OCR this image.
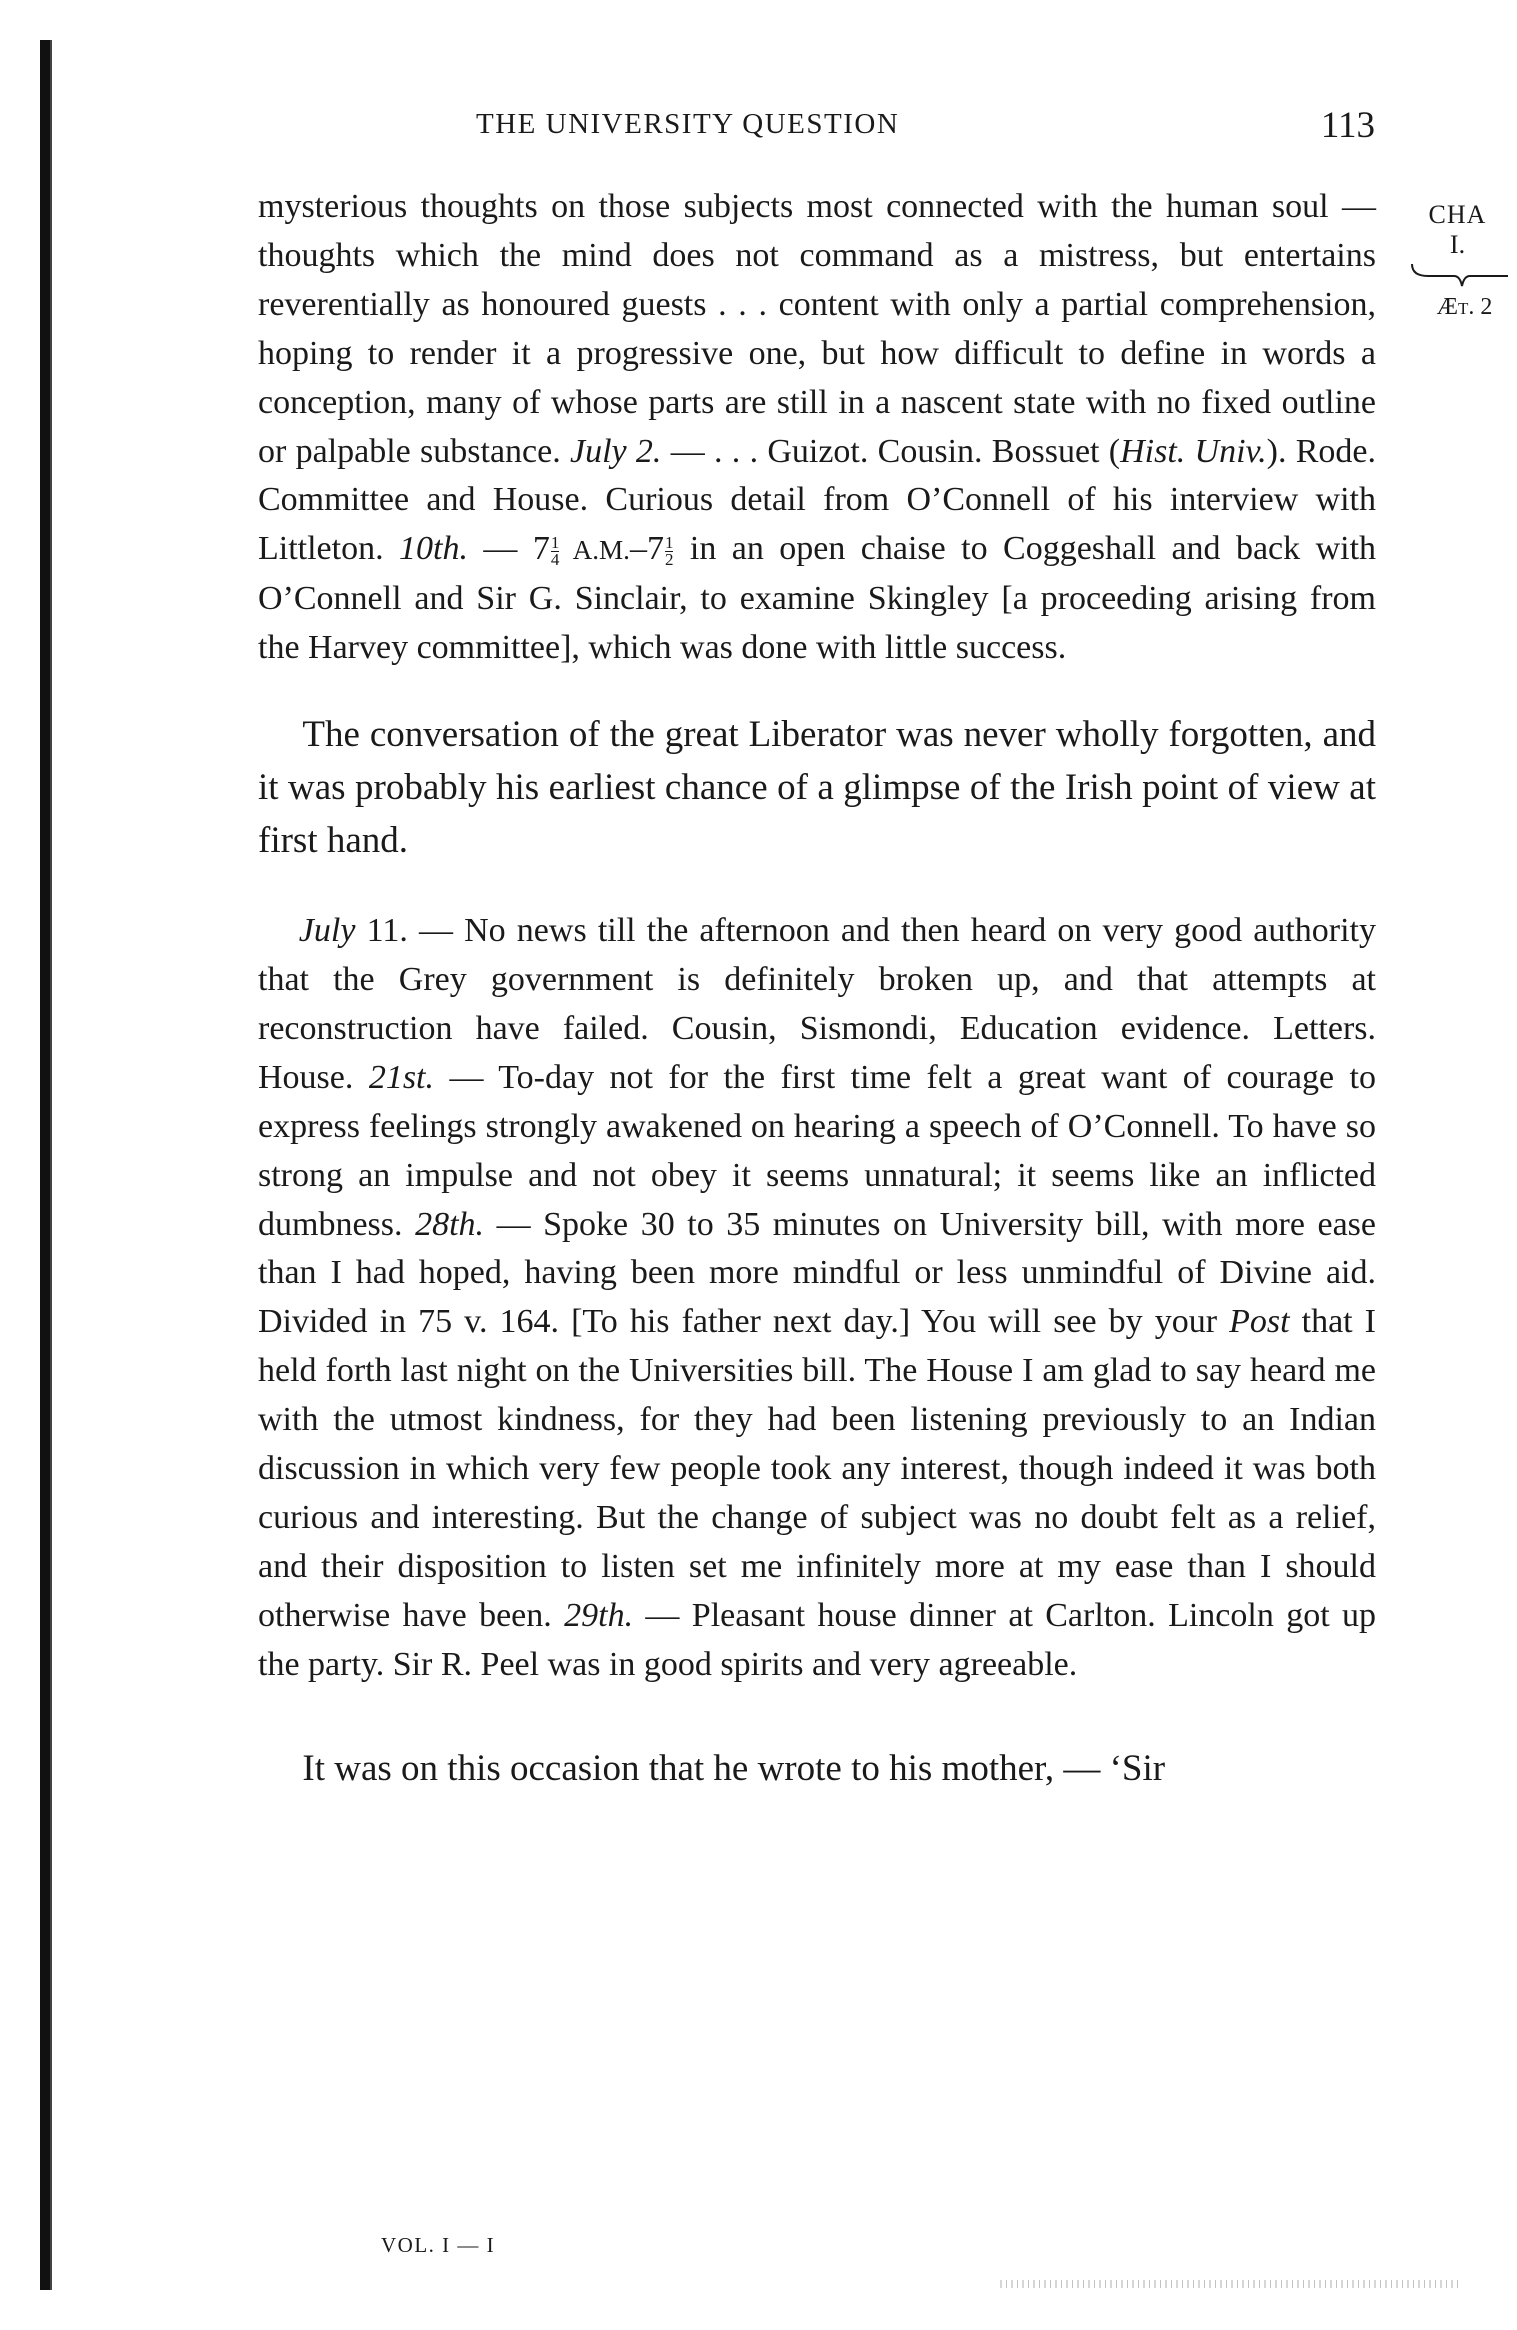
THE UNIVERSITY QUESTION	113
CHA
I.
Æt. 2

mysterious thoughts on those subjects most connected with the human soul — thoughts which the mind does not command as a mistress, but entertains reverentially as honoured guests . . . content with only a partial comprehension, hoping to render it a progressive one, but how difficult to define in words a conception, many of whose parts are still in a nascent state with no fixed outline or palpable substance. July 2. — . . . Guizot. Cousin. Bossuet (Hist. Univ.). Rode. Committee and House. Curious detail from O’Connell of his interview with Littleton. 10th. — $7 \frac{1}{4} A.M.-7 \frac{1}{2}$ in an open chaise to Coggeshall and back with O’Connell and Sir G. Sinclair, to examine Skingley [a proceeding arising from the Harvey committee], which was done with little success.

The conversation of the great Liberator was never wholly forgotten, and it was probably his earliest chance of a glimpse of the Irish point of view at first hand.

July 11. — No news till the afternoon and then heard on very good authority that the Grey government is definitely broken up, and that attempts at reconstruction have failed. Cousin, Sismondi, Education evidence. Letters. House. 21st. — To-day not for the first time felt a great want of courage to express feelings strongly awakened on hearing a speech of O’Connell. To have so strong an impulse and not obey it seems unnatural; it seems like an inflicted dumbness. 28th. — Spoke 30 to 35 minutes on University bill, with more ease than I had hoped, having been more mindful or less unmindful of Divine aid. Divided in 75 v. 164. [To his father next day.] You will see by your Post that I held forth last night on the Universities bill. The House I am glad to say heard me with the utmost kindness, for they had been listening previously to an Indian discussion in which very few people took any interest, though indeed it was both curious and interesting. But the change of subject was no doubt felt as a relief, and their disposition to listen set me infinitely more at my ease than I should otherwise have been. 29th. — Pleasant house dinner at Carlton. Lincoln got up the party. Sir R. Peel was in good spirits and very agreeable.

It was on this occasion that he wrote to his mother, — ‘Sir

VOL. I — I
